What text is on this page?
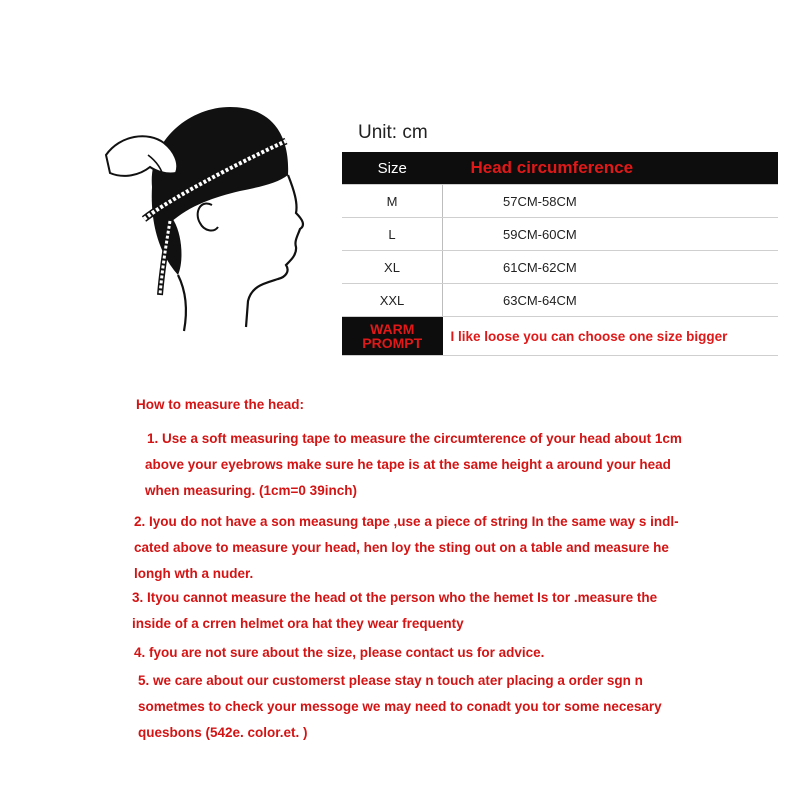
Unit: cm
Size	Head circumference
M	57CM-58CM
L	59CM-60CM
XL	61CM-62CM
XXL	63CM-64CM

WARM
PROMPT	I like loose you can choose one size bigger

How to measure the head:

1. Use a soft measuring tape to measure the circumterence of your head about 1cm

above your eyebrows make sure he tape is at the same height a around your head

when measuring. (1cm=0 39inch)

2. Iyou do not have a son measung tape ,use a piece of string In the same way s indl-

cated above to measure your head, hen loy the sting out on a table and measure he

longh wth a nuder.

3. Ityou cannot measure the head ot the person who the hemet Is tor .measure the

inside of a crren helmet ora hat they wear frequenty

4. fyou are not sure about the size, please contact us for advice.

5. we care about our customerst please stay n touch ater placing a order sgn n

sometmes to check your messoge we may need to conadt you tor some necesary

quesbons (542e. color.et. )
